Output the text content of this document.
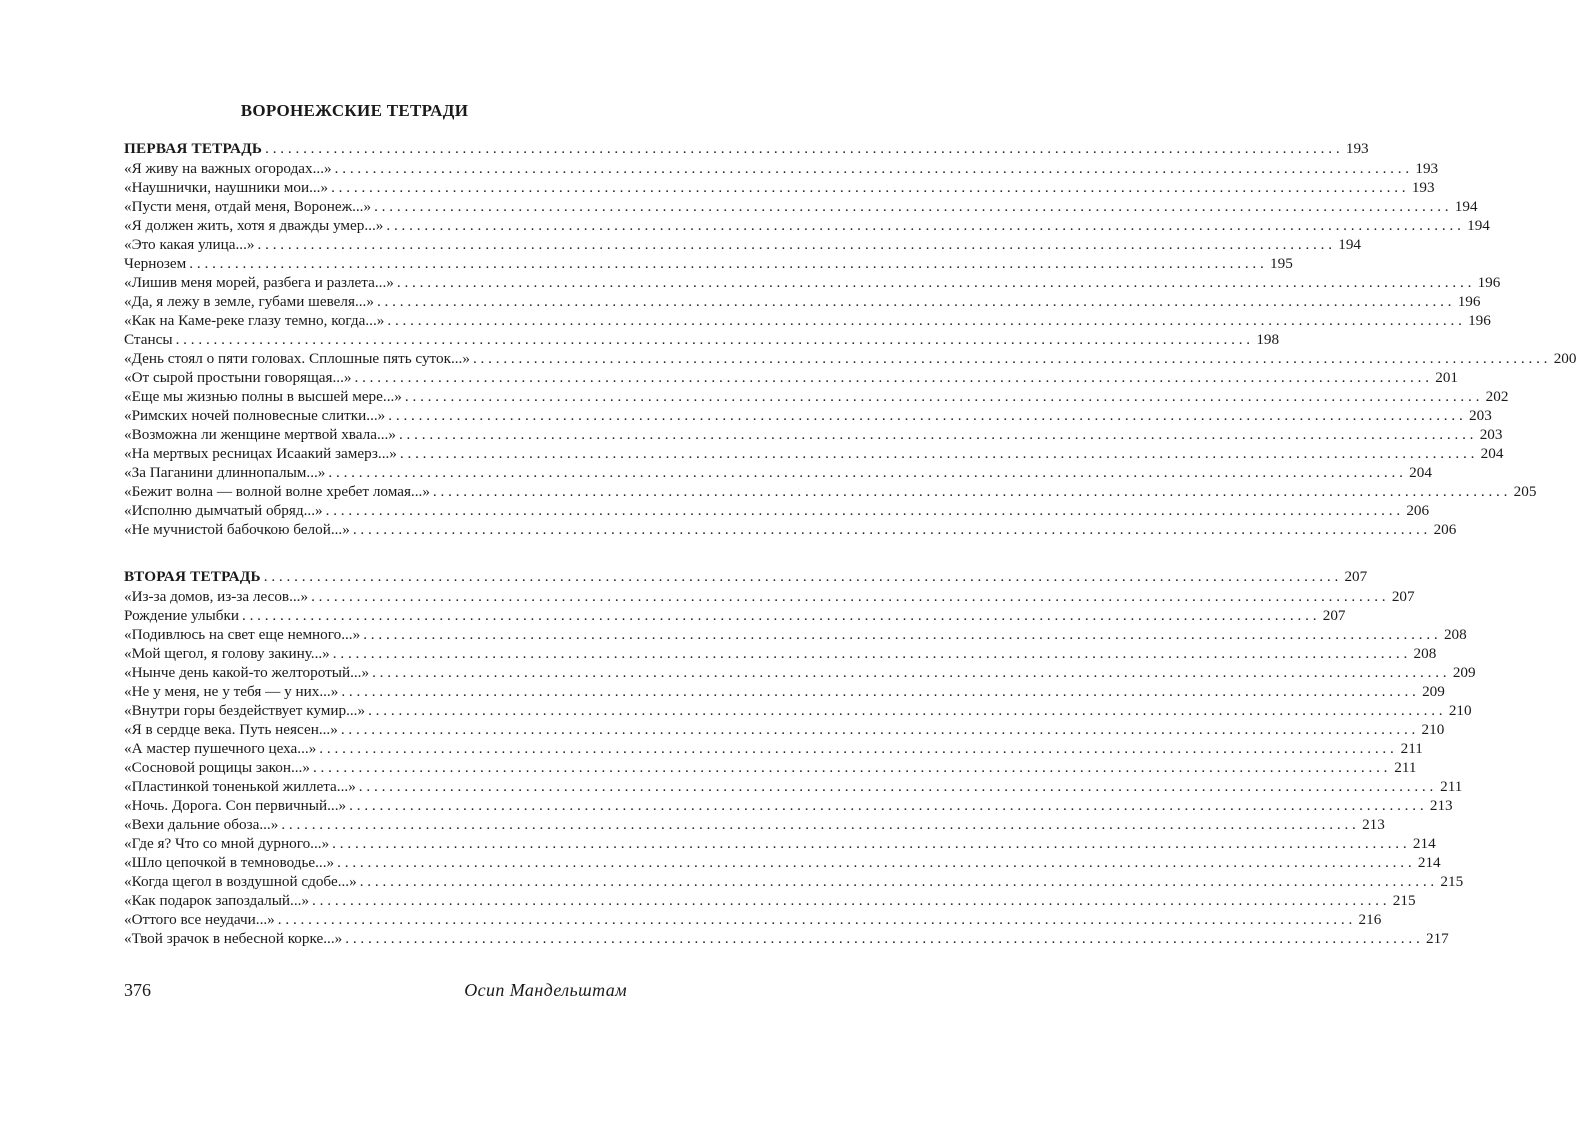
ВОРОНЕЖСКИЕ ТЕТРАДИ
ПЕРВАЯ ТЕТРАДЬ . . .	193
«Я живу на важных огородах...» . . .	193
«Наушнички, наушники мои...» . . .	193
«Пусти меня, отдай меня, Воронеж...» . . .	194
«Я должен жить, хотя я дважды умер...» . . .	194
«Это какая улица...» . . .	194
Чернозем . . .	195
«Лишив меня морей, разбега и разлета...» . . .	196
«Да, я лежу в земле, губами шевеля...» . . .	196
«Как на Каме-реке глазу темно, когда...» . . .	196
Стансы . . .	198
«День стоял о пяти головах. Сплошные пять суток...» . . .	200
«От сырой простыни говорящая...» . . .	201
«Еще мы жизнью полны в высшей мере...» . . .	202
«Римских ночей полновесные слитки...» . . .	203
«Возможна ли женщине мертвой хвала...» . . .	203
«На мертвых ресницах Исаакий замерз...» . . .	204
«За Паганини длиннопалым...» . . .	204
«Бежит волна — волной волне хребет ломая...» . . .	205
«Исполню дымчатый обряд...» . . .	206
«Не мучнистой бабочкою белой...» . . .	206
ВТОРАЯ ТЕТРАДЬ . . .	207
«Из-за домов, из-за лесов...» . . .	207
Рождение улыбки . . .	207
«Подивлюсь на свет еще немного...» . . .	208
«Мой щегол, я голову закину...» . . .	208
«Нынче день какой-то желторотый...» . . .	209
«Не у меня, не у тебя — у них...» . . .	209
«Внутри горы бездействует кумир...» . . .	210
«Я в сердце века. Путь неясен...» . . .	210
«А мастер пушечного цеха...» . . .	211
«Сосновой рощицы закон...» . . .	211
«Пластинкой тоненькой жиллета...» . . .	211
«Ночь. Дорога. Сон первичный...» . . .	213
«Вехи дальние обоза...» . . .	213
«Где я? Что со мной дурного...» . . .	214
«Шло цепочкой в темноводье...» . . .	214
«Когда щегол в воздушной сдобе...» . . .	215
«Как подарок запоздалый...» . . .	215
«Оттого все неудачи...» . . .	216
«Твой зрачок в небесной корке...» . . .	217
376	Осип Мандельштам
